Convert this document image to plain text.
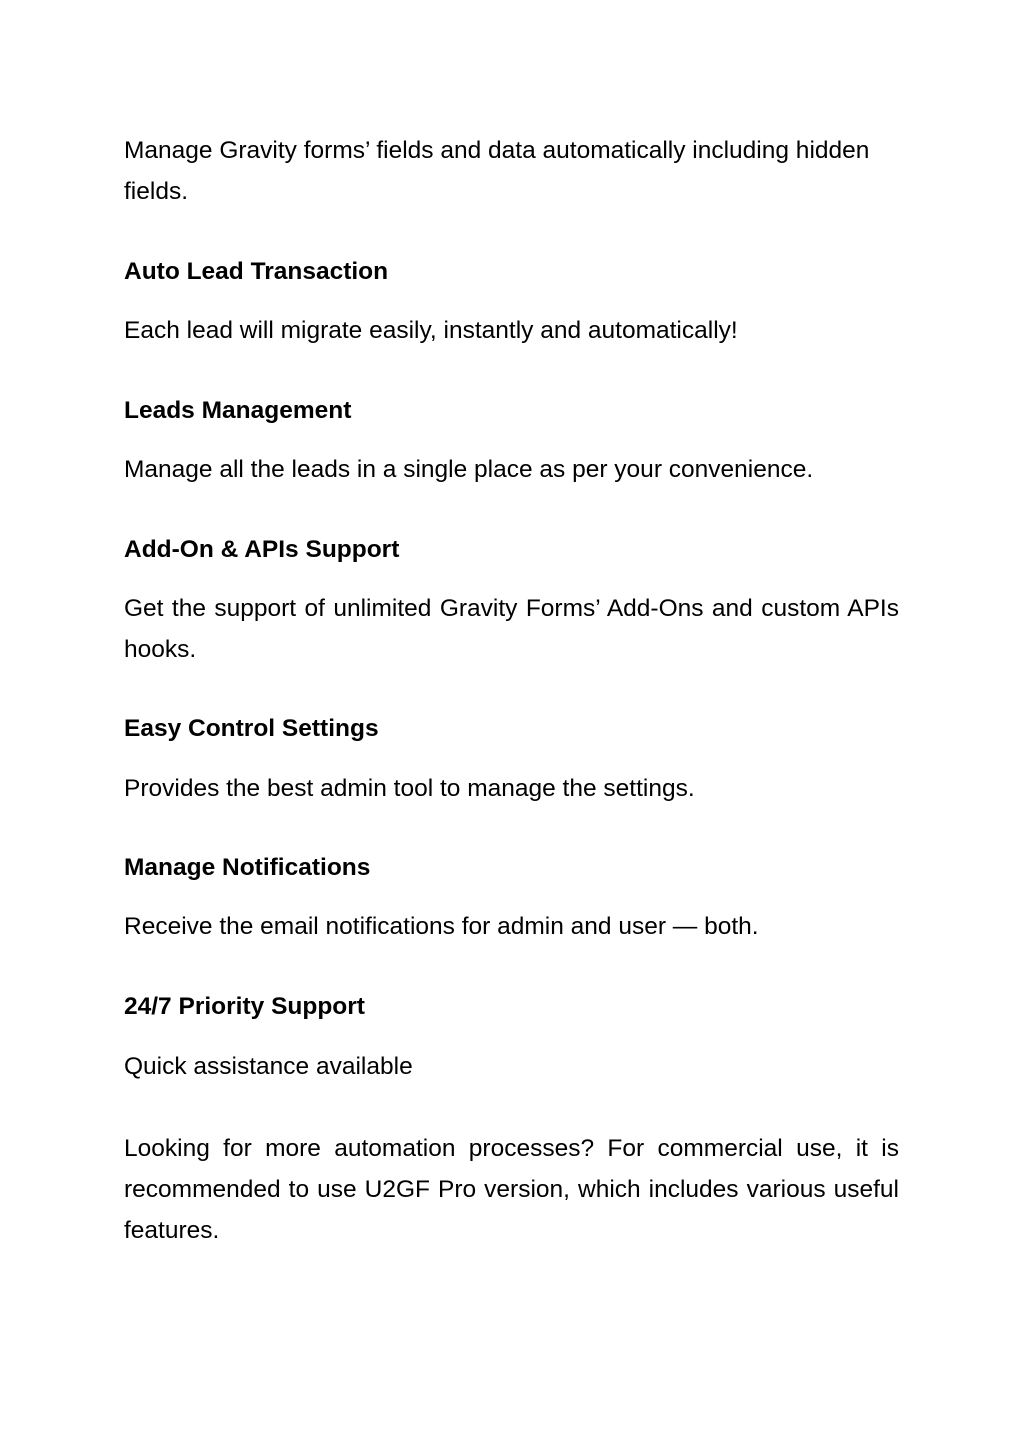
Manage Gravity forms’ fields and data automatically including hidden fields.

Auto Lead Transaction

Each lead will migrate easily, instantly and automatically!

Leads Management

Manage all the leads in a single place as per your convenience.

Add-On & APIs Support

Get the support of unlimited Gravity Forms’ Add-Ons and custom APIs hooks.

Easy Control Settings

Provides the best admin tool to manage the settings.

Manage Notifications

Receive the email notifications for admin and user — both.

24/7 Priority Support

Quick assistance available

Looking for more automation processes? For commercial use, it is recommended to use U2GF Pro version, which includes various useful features.
